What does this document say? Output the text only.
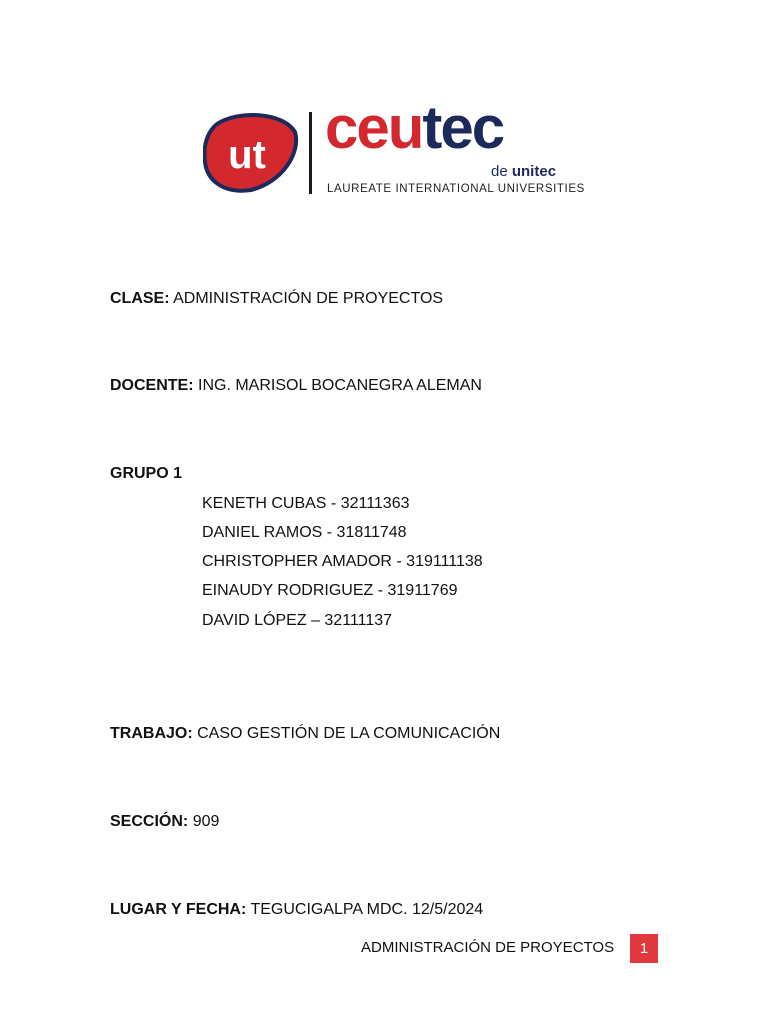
ut ceutec
de unitec
LAUREATE INTERNATIONAL UNIVERSITIES
CLASE: ADMINISTRACIÓN DE PROYECTOS
DOCENTE: ING. MARISOL BOCANEGRA ALEMAN
GRUPO 1
KENETH CUBAS - 32111363
DANIEL RAMOS - 31811748
CHRISTOPHER AMADOR - 319111138
EINAUDY RODRIGUEZ - 31911769
DAVID LÓPEZ – 32111137
TRABAJO: CASO GESTIÓN DE LA COMUNICACIÓN
SECCIÓN: 909
LUGAR Y FECHA: TEGUCIGALPA MDC. 12/5/2024
ADMINISTRACIÓN DE PROYECTOS	1
